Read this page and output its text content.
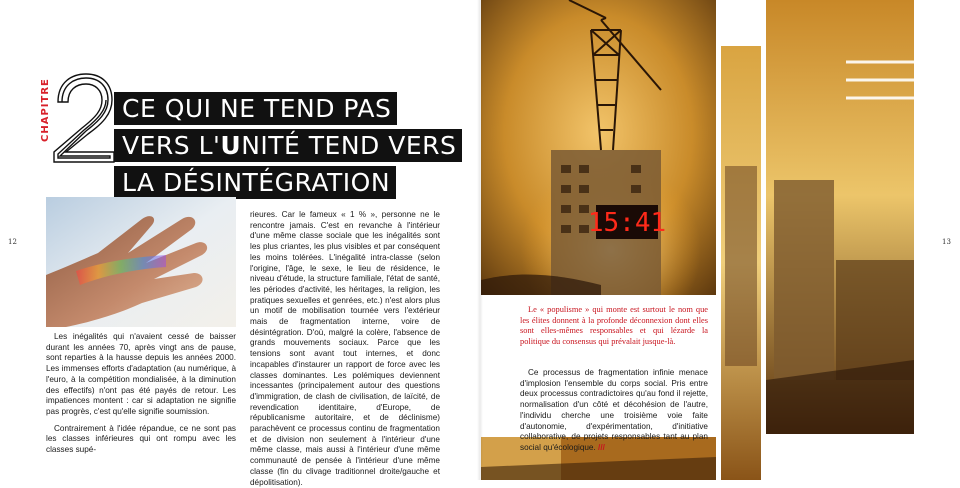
CHAPITRE	CE QUI NE TEND PAS
VERS L'UNITÉ TEND VERS
LA DÉSINTÉGRATION
12

Les inégalités qui n'avaient cessé de baisser durant les années 70, après vingt ans de pause, sont reparties à la hausse depuis les années 2000. Les immenses efforts d'adaptation (au numérique, à l'euro, à la compétition mondialisée, à la diminution des effectifs) n'ont pas été payés de retour. Les impatiences montent : car si adaptation ne signifie pas progrès, c'est qu'elle signifie soumission.

Contrairement à l'idée répandue, ce ne sont pas les classes inférieures qui ont rompu avec les classes supé-

rieures. Car le fameux « 1 % », personne ne le rencontre jamais. C'est en revanche à l'intérieur d'une même classe sociale que les inégalités sont les plus criantes, les plus visibles et par conséquent les moins tolérées. L'inégalité intra-classe (selon l'origine, l'âge, le sexe, le lieu de résidence, le niveau d'étude, la structure familiale, l'état de santé, les périodes d'activité, les héritages, la religion, les pratiques sexuelles et genrées, etc.) n'est alors plus un motif de mobilisation tournée vers l'extérieur mais de fragmentation interne, voire de désintégration. D'où, malgré la colère, l'absence de grands mouvements sociaux. Parce que les tensions sont avant tout internes, et donc incapables d'instaurer un rapport de force avec les classes dominantes. Les polémiques deviennent incessantes (principalement autour des questions d'immigration, de clash de civilisation, de laïcité, de revendication identitaire, d'Europe, de républicanisme autoritaire, et de déclinisme) parachèvent ce processus continu de fragmentation et de division non seulement à l'intérieur d'une même classe, mais aussi à l'intérieur d'une même communauté de pensée à l'intérieur d'une même classe (fin du clivage traditionnel droite/gauche et dépolitisation).

15:41
Le « populisme » qui monte est surtout le nom que les élites donnent à la profonde déconnexion dont elles sont elles-mêmes responsables et qui lézarde la politique du consensus qui prévalait jusque-là.

Ce processus de fragmentation infinie menace d'implosion l'ensemble du corps social. Pris entre deux processus contradictoires qu'au fond il rejette, normalisation d'un côté et décohésion de l'autre, l'individu cherche une troisième voie faite d'autonomie, d'expérimentation, d'initiative collaborative, de projets responsables tant au plan social qu'écologique. ///

13
